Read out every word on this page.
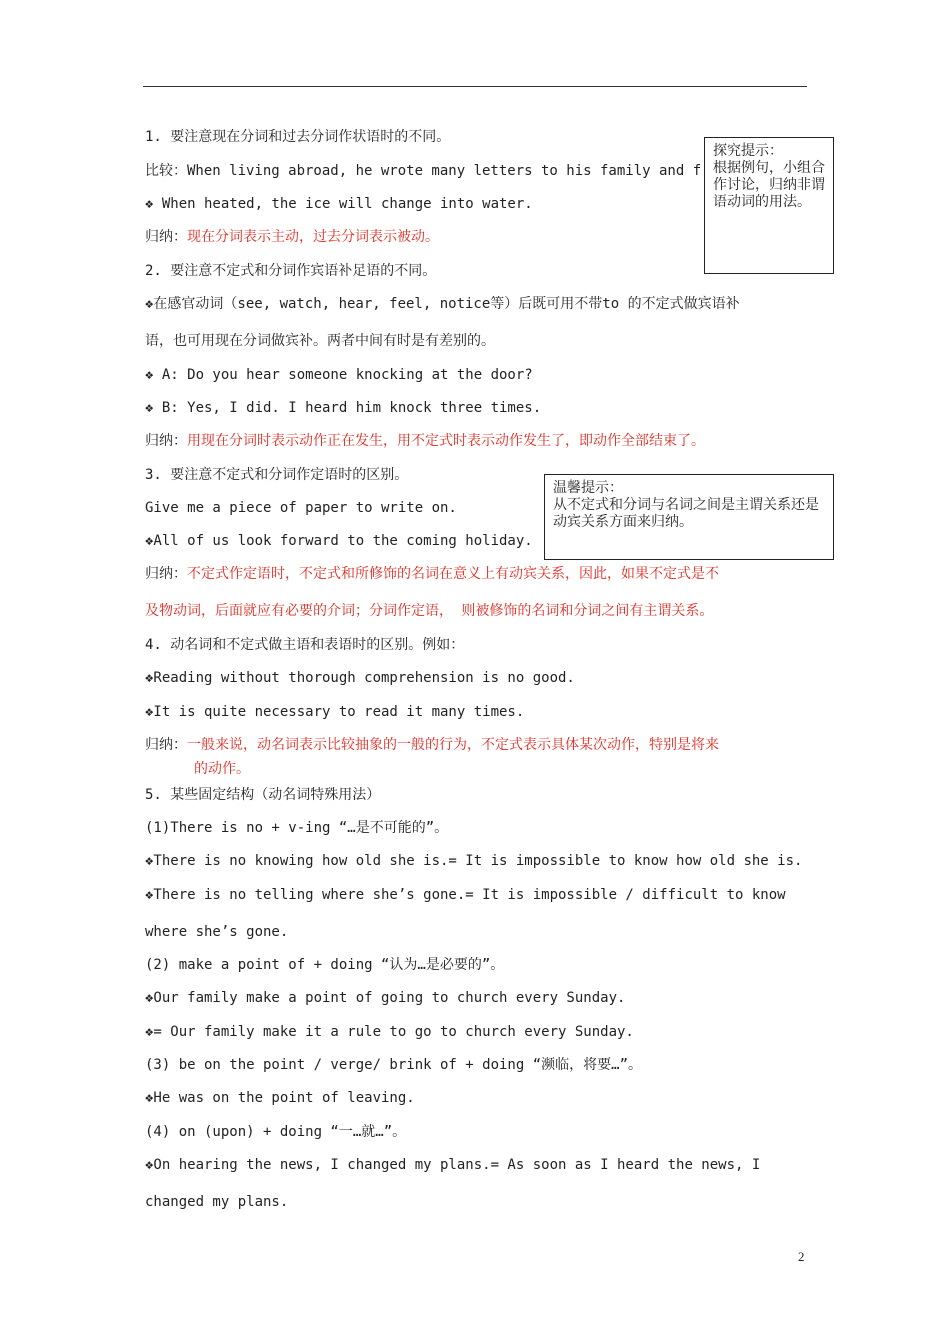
1. 要注意现在分词和过去分词作状语时的不同。
比较：When living abroad, he wrote many letters to his family and f
❖ When heated, the ice will change into water.
归纳：现在分词表示主动，过去分词表示被动。
探究提示：
根据例句，小组合作讨论，归纳非谓语动词的用法。
2. 要注意不定式和分词作宾语补足语的不同。
❖在感官动词（see, watch, hear, feel, notice等）后既可用不带to 的不定式做宾语补
语，也可用现在分词做宾补。两者中间有时是有差别的。
❖ A: Do you hear someone knocking at the door?
❖ B: Yes, I did. I heard him knock three times.
归纳：用现在分词时表示动作正在发生，用不定式时表示动作发生了，即动作全部结束了。
3. 要注意不定式和分词作定语时的区别。
Give me a piece of paper to write on.
❖All of us look forward to the coming holiday.
温馨提示：
从不定式和分词与名词之间是主谓关系还是动宾关系方面来归纳。
归纳：不定式作定语时，不定式和所修饰的名词在意义上有动宾关系，因此，如果不定式是不
及物动词，后面就应有必要的介词；分词作定语， 则被修饰的名词和分词之间有主谓关系。
4. 动名词和不定式做主语和表语时的区别。例如：
❖Reading without thorough comprehension is no good.
❖It is quite necessary to read it many times.
归纳：一般来说，动名词表示比较抽象的一般的行为，不定式表示具体某次动作，特别是将来
的动作。
5. 某些固定结构（动名词特殊用法）
(1)There is no + v-ing “…是不可能的”。
❖There is no knowing how old she is.= It is impossible to know how old she is.
❖There is no telling where she’s gone.= It is impossible / difficult to know
where she’s gone.
(2) make a point of + doing “认为…是必要的”。
❖Our family make a point of going to church every Sunday.
❖= Our family make it a rule to go to church every Sunday.
(3) be on the point / verge/ brink of + doing “濒临，将要…”。
❖He was on the point of leaving.
(4) on (upon) + doing “一…就…”。
❖On hearing the news, I changed my plans.= As soon as I heard the news, I
changed my plans.
2
